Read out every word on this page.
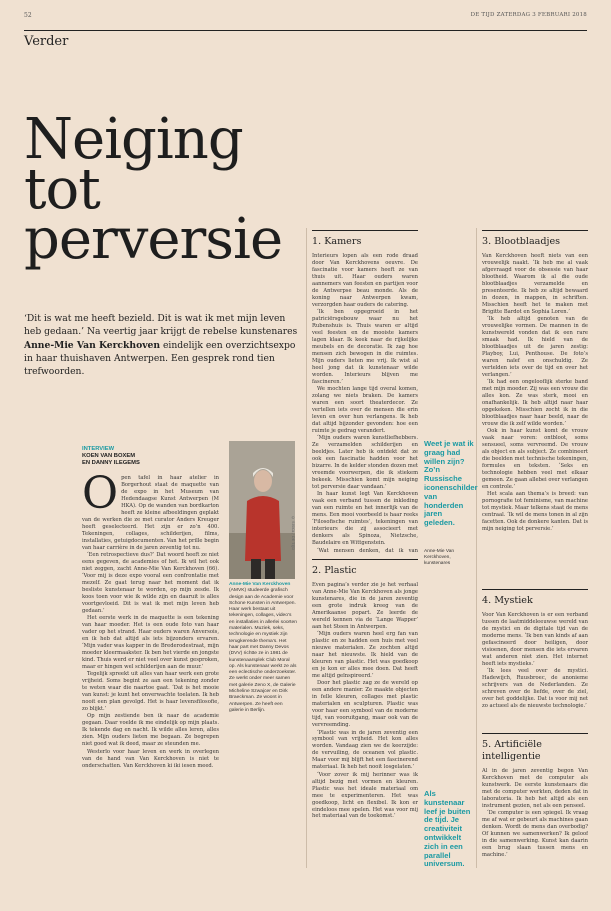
52	DE TIJD ZATERDAG 3 FEBRUARI 2018
Verder
Neiging tot perversie

‘Dit is wat me heeft bezield. Dit is wat ik met mijn leven heb gedaan.’ Na veertig jaar krijgt de rebelse kunstenares Anne-Mie Van Kerckhoven eindelijk een overzichtsexpo in haar thuishaven Antwerpen. Een gesprek rond tien trefwoorden.

INTERVIEW
KOEN VAN BOXEM
EN DANNY ILEGEMS
O pen tafel in haar atelier in Borgerhout staat de maquette van de expo in het Museum van Hedendaagse Kunst Antwerpen (M HKA). Op de wanden van bordkarton heeft ze kleine afbeeldingen geplakt van de werken die ze met curator Anders Kreuger heeft geselecteerd. Het zijn er zo’n 400. Tekeningen, collages, schilderijen, films, installaties, getuigdocumenten. Van het prille begin van haar carrière in de jaren zeventig tot nu.

‘Een retrospectieve dus?’ Dat woord heeft ze niet eens gegeven, de academies of het. Ik wil het ook niet zeggen, zacht Anne-Mie Van Kerckhoven (66). ‘Voor mij is deze expo vooral een confrontatie met mezelf. Ze gaat terug naar het moment dat ik besliste kunstenaar te worden, op mijn zesde. Ik koos toen voor wie ik wilde zijn en daaruit is alles voortgevloeid. Dit is wat ik met mijn leven heb gedaan.’

Het eerste werk in de maquette is een tekening van haar moeder. Het is een oude foto van haar vader op het strand. Haar ouders waren Anversois, en ik heb dat altijd als iets bijzonders ervaren. ‘Mijn vader was kapper in de Brederodestraat, mijn moeder kleermaakster. Ik ben het vierde en jongste kind. Thuis werd er niet veel over kunst gesproken, maar er hingen wel schilderijen aan de muur.’

Tegelijk spreekt uit alles van haar werk een grote vrijheid. Soms begint ze aan een tekening zonder te weten waar die naartoe gaat. ‘Dat is het mooie van kunst: je kunt het onverwachte toelaten. Ik heb nooit een plan gevolgd. Het is haar levensfilosofie, zo blijkt.’

Op mijn zestiende ben ik naar de academie gegaan. Daar voelde ik me eindelijk op mijn plaats. Ik tekende dag en nacht. Ik wilde alles leren, alles zien. Mijn ouders lieten me begaan. Ze begrepen niet goed wat ik deed, maar ze steunden me.

Westerlo voor haar leven en werk in overlegen van de hand van Van Kerckhoven is niet te onderschatten. Van Kerckhoven ki iki iesen meed.

© SISKA / DE TIJD
Anne-Mie Van Kerckhoven (AMVK) studeerde grafisch design aan de Academie voor Schone Kunsten in Antwerpen. Haar werk bestaat uit tekeningen, collages, video’s en installaties in allerlei soorten materialen. Muziek, seks, technologie en mystiek zijn terugkerende thema’s. Het haar part met Danny Devos (DVV) richtte ze in 1981 de kunstenaarsplek Club Moral op. Als kunstenaar werkt ze als een eclectische onderzoekster. Ze werkt onder meer samen met galerie Zeno X, de Galerie Micheline Szwajcer en Dirk Braeckman. Ze woont in Antwerpen. Ze heeft een galerie in Berlijn.
1. Kamers

Interieurs lopen als een rode draad door Van Kerckhovens oeuvre. De fascinatie voor kamers heeft ze van thuis uit. Haar ouders waren aannemers van feesten en partijen voor de Antwerpse beau monde. Als de koning naar Antwerpen kwam, verzorgden haar ouders de catering.

‘Ik ben opgegroeid in het patriciërsgebouw waar nu het Rubenshuis is. Thuis waren er altijd veel feesten en de mooiste kamers lagen klaar. Ik keek naar de rijkelijke meubels en de decoratie. Ik zag hoe mensen zich bewogen in die ruimtes. Mijn ouders lieten me vrij. Ik wist al heel jong dat ik kunstenaar wilde worden. Interieurs blijven me fascineren.’

We mochten lange tijd overal komen, zolang we niets braken. De kamers waren een soort theaterdecor. Ze vertellen iets over de mensen die erin leven en over hun verlangens. Ik heb dat altijd bijzonder gevonden: hoe een ruimte je gedrag verandert.

‘Mijn ouders waren kunstliefhebbers. Ze verzamelden schilderijen en beeldjes. Later heb ik ontdekt dat ze ook een fascinatie hadden voor het bizarre. In de kelder stonden dozen met vreemde voorwerpen, die ik stiekem bekeek. Misschien komt mijn neiging tot perversie daar vandaan.’

In haar kunst legt Van Kerckhoven vaak een verband tussen de inkleding van een ruimte en het innerlijk van de mens. Een mooi voorbeeld is haar reeks ‘Filosofische ruimtes’, tekeningen van interieurs die zij associeert met denkers als Spinoza, Nietzsche, Baudelaire en Wittgenstein.

‘Wat mensen denken, dat ik van

2. Plastic

Even pagina’s verder zie je het verhaal van Anne-Mie Van Kerckhoven als jonge kunstenares, die in de jaren zeventig een grote indruk kreeg van de Amerikaanse popart. Ze leerde de wereld kennen via de ‘Lange Wapper’ aan het Steen in Antwerpen.

‘Mijn ouders waren heel erg fan van plastic en ze hadden een huis met veel nieuwe materialen. Ze zochten altijd naar het nieuwste. Ik hield van de kleuren van plastic. Het was goedkoop en je kon er alles mee doen. Dat heeft me altijd geïnspireerd.’

Door het plastic zag ze de wereld op een andere manier. Ze maakte objecten in felle kleuren, collages met plastic materialen en sculpturen. Plastic was voor haar een symbool van de moderne tijd, van vooruitgang, maar ook van de vervreemding.

‘Plastic was in de jaren zeventig een symbool van vrijheid. Het kon alles worden. Vandaag zien we de keerzijde: de vervuiling, de oceanen vol plastic. Maar voor mij blijft het een fascinerend materiaal. Ik heb het nooit losgelaten.’

‘Voor zover ik mij herinner was ik altijd bezig met vormen en kleuren. Plastic was het ideale materiaal om mee te experimenteren. Het was goedkoop, licht en flexibel. Ik kon er eindeloos mee spelen. Het was voor mij het materiaal van de toekomst.’

Weet je wat ik graag had willen zijn? Zo’n Russische iconenschilder van honderden jaren geleden.
Anne-Mie Van Kerckhoven, kunstenares
Als kunstenaar leef je buiten de tijd. Je creativiteit ontwikkelt zich in een parallel universum.
3. Blootblaadjes

Van Kerckhoven heeft niets van een vrouwelijk naakt. ‘Ik heb me al vaak afgevraagd voor de obsessie van haar blootheid. Waarom ik al die oude blootblaadjes verzamelde en presenteerde. Ik heb ze altijd bewaard in dozen, in mappen, in schriften. Misschien heeft het te maken met Brigitte Bardot en Sophia Loren.’

‘Ik heb altijd genoten van de vrouwelijke vormen. De mannen in de kunstwereld vonden dat ik een rare smaak had. Ik hield van de blootblaadjes uit de jaren zestig: Playboy, Lui, Penthouse. De foto’s waren naïef en onschuldig. Ze vertelden iets over de tijd en over het verlangen.’

‘Ik had een ongelooflijk sterke band met mijn moeder. Zij was een vrouw die alles kon. Ze was sterk, mooi en onafhankelijk. Ik heb altijd naar haar opgekeken. Misschien zocht ik in die blootblaadjes naar haar beeld, naar de vrouw die ik zelf wilde worden.’

Ook in haar kunst komt de vrouw vaak naar voren: ontbloot, soms sensueel, soms vervreemd. De vrouw als object en als subject. Ze combineert die beelden met technische tekeningen, formules en teksten. ‘Seks en technologie hebben veel met elkaar gemeen. Ze gaan allebei over verlangen en controle.’

Het scala aan thema’s is breed: van pornografie tot feminisme, van machine tot mystiek. Maar telkens staat de mens centraal. ‘Ik wil de mens tonen in al zijn facetten. Ook de donkere kanten. Dat is mijn neiging tot perversie.’

4. Mystiek

Voor Van Kerckhoven is er een verband tussen de laatmiddeleeuwse wereld van de mystici en de digitale tijd van de moderne mens. ‘Ik ben van kinds af aan gefascineerd door heiligen, door visioenen, door mensen die iets ervaren wat anderen niet zien. Het internet heeft iets mystieks.’

‘Ik lees veel over de mystici. Hadewijch, Ruusbroec, de anonieme schrijvers van de Nederlanden. Ze schreven over de liefde, over de ziel, over het goddelijke. Dat is voor mij net zo actueel als de nieuwste technologie.’

5. Artificiële intelligentie

Al in de jaren zeventig begon Van Kerckhoven met de computer als kunstwerk. De eerste kunstenaars die met de computer werkten, deden dat in laboratoria. Ik heb het altijd als een instrument gezien, net als een penseel.

‘De computer is een spiegel. Ik vraag me af wat er gebeurt als machines gaan denken. Wordt de mens dan overbodig? Of kunnen we samenwerken? Ik geloof in die samenwerking. Kunst kan daarin een brug slaan tussen mens en machine.’
